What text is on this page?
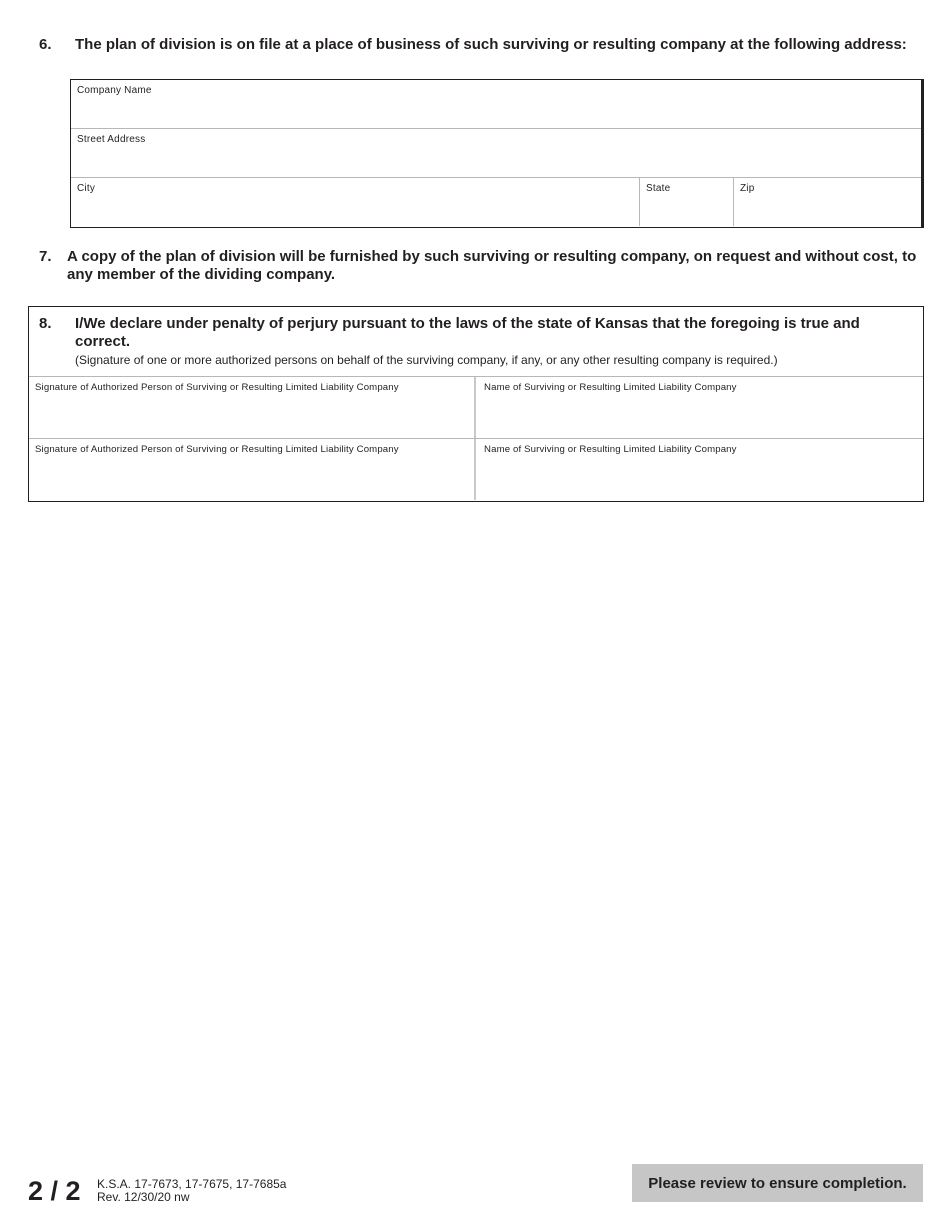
6. The plan of division is on file at a place of business of such surviving or resulting company at the following address:
Company Name
Street Address
City	State	Zip
7. A copy of the plan of division will be furnished by such surviving or resulting company, on request and without cost, to any member of the dividing company.
8. I/We declare under penalty of perjury pursuant to the laws of the state of Kansas that the foregoing is true and correct.
(Signature of one or more authorized persons on behalf of the surviving company, if any, or any other resulting company is required.)
Signature of Authorized Person of Surviving or Resulting Limited Liability Company	Name of Surviving or Resulting Limited Liability Company
Signature of Authorized Person of Surviving or Resulting Limited Liability Company	Name of Surviving or Resulting Limited Liability Company
2 / 2 K.S.A. 17-7673, 17-7675, 17-7685a
Rev. 12/30/20 nw
Please review to ensure completion.
